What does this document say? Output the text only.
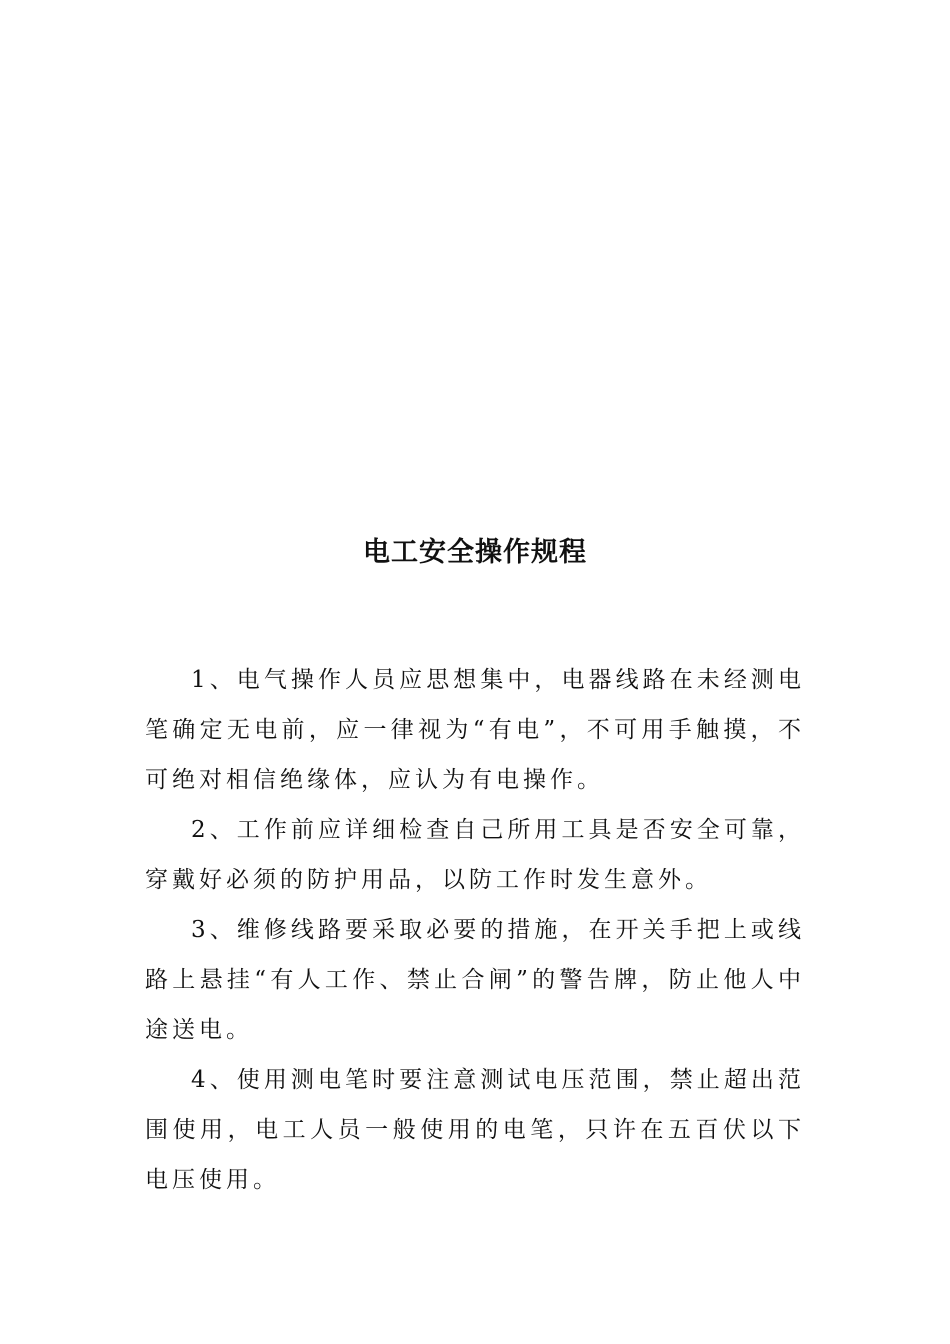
电工安全操作规程

1、电气操作人员应思想集中，电器线路在未经测电笔确定无电前，应一律视为“有电”，不可用手触摸，不可绝对相信绝缘体，应认为有电操作。

2、工作前应详细检查自己所用工具是否安全可靠，穿戴好必须的防护用品，以防工作时发生意外。

3、维修线路要采取必要的措施，在开关手把上或线路上悬挂“有人工作、禁止合闸”的警告牌，防止他人中途送电。

4、使用测电笔时要注意测试电压范围，禁止超出范围使用，电工人员一般使用的电笔，只许在五百伏以下电压使用。
